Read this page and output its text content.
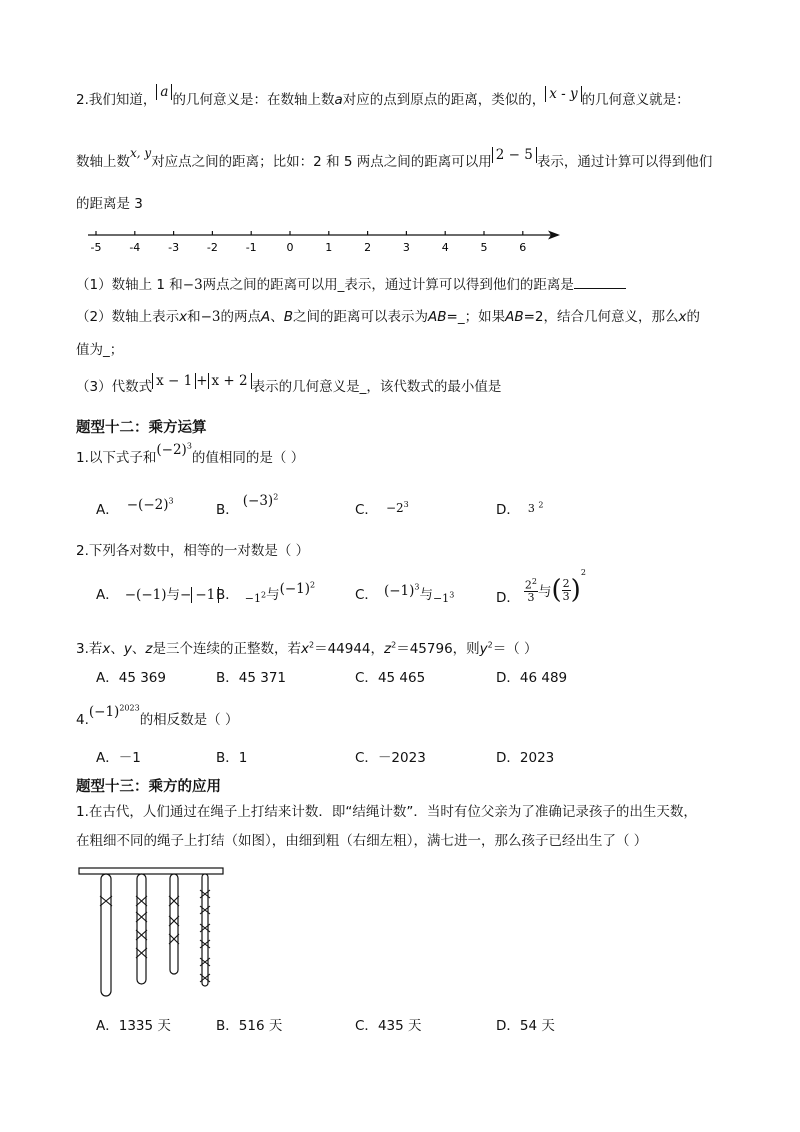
2.我们知道， a 的几何意义是：在数轴上数a对应的点到原点的距离，类似的， x - y 的几何意义就是：
数轴上数x, y对应点之间的距离；比如：2 和 5 两点之间的距离可以用 2 − 5 表示，通过计算可以得到他们
的距离是 3
-5	-4	-3	-2	-1	0	1	2	3	4	5	6
（1）数轴上 1 和−3两点之间的距离可以用_表示，通过计算可以得到他们的距离是
（2）数轴上表示x和−3的两点A、B之间的距离可以表示为AB=_；如果AB=2，结合几何意义，那么x的
值为_；
（3）代数式 x − 1 + x + 2 表示的几何意义是_，该代数式的最小值是
题型十二：乘方运算
1.以下式子和$(-2)^3$的值相同的是（ ）
A． $-(-2)^3$
B．$(-3)^2$
C． $-2^3$	D． 3 $^2$
2.下列各对数中，相等的一对数是（ ）
A． −(−1)与− −1 B． $_{-1^2}$与$(-1)^2$
C． $(-1)^3$与$_{-1^3}$	D． $\frac{2^2}{3}$ 与( $\frac{2}{3} )^2$
3.若x、y、z是三个连续的正整数，若$x^2=44944$，$z^2=45796$，则$y^2=$（ ）
A．45 369	B．45 371	C．45 465	D．46 489
$4.(-1)^{2023}$的相反数是（ ）
A．－1	B．1	C．－2023	D．2023
题型十三：乘方的应用
1.在古代，人们通过在绳子上打结来计数．即“结绳计数”．当时有位父亲为了准确记录孩子的出生天数，
在粗细不同的绳子上打结（如图），由细到粗（右细左粗），满七进一，那么孩子已经出生了（ ）
A．1335 天	B．516 天	C．435 天	D．54 天
